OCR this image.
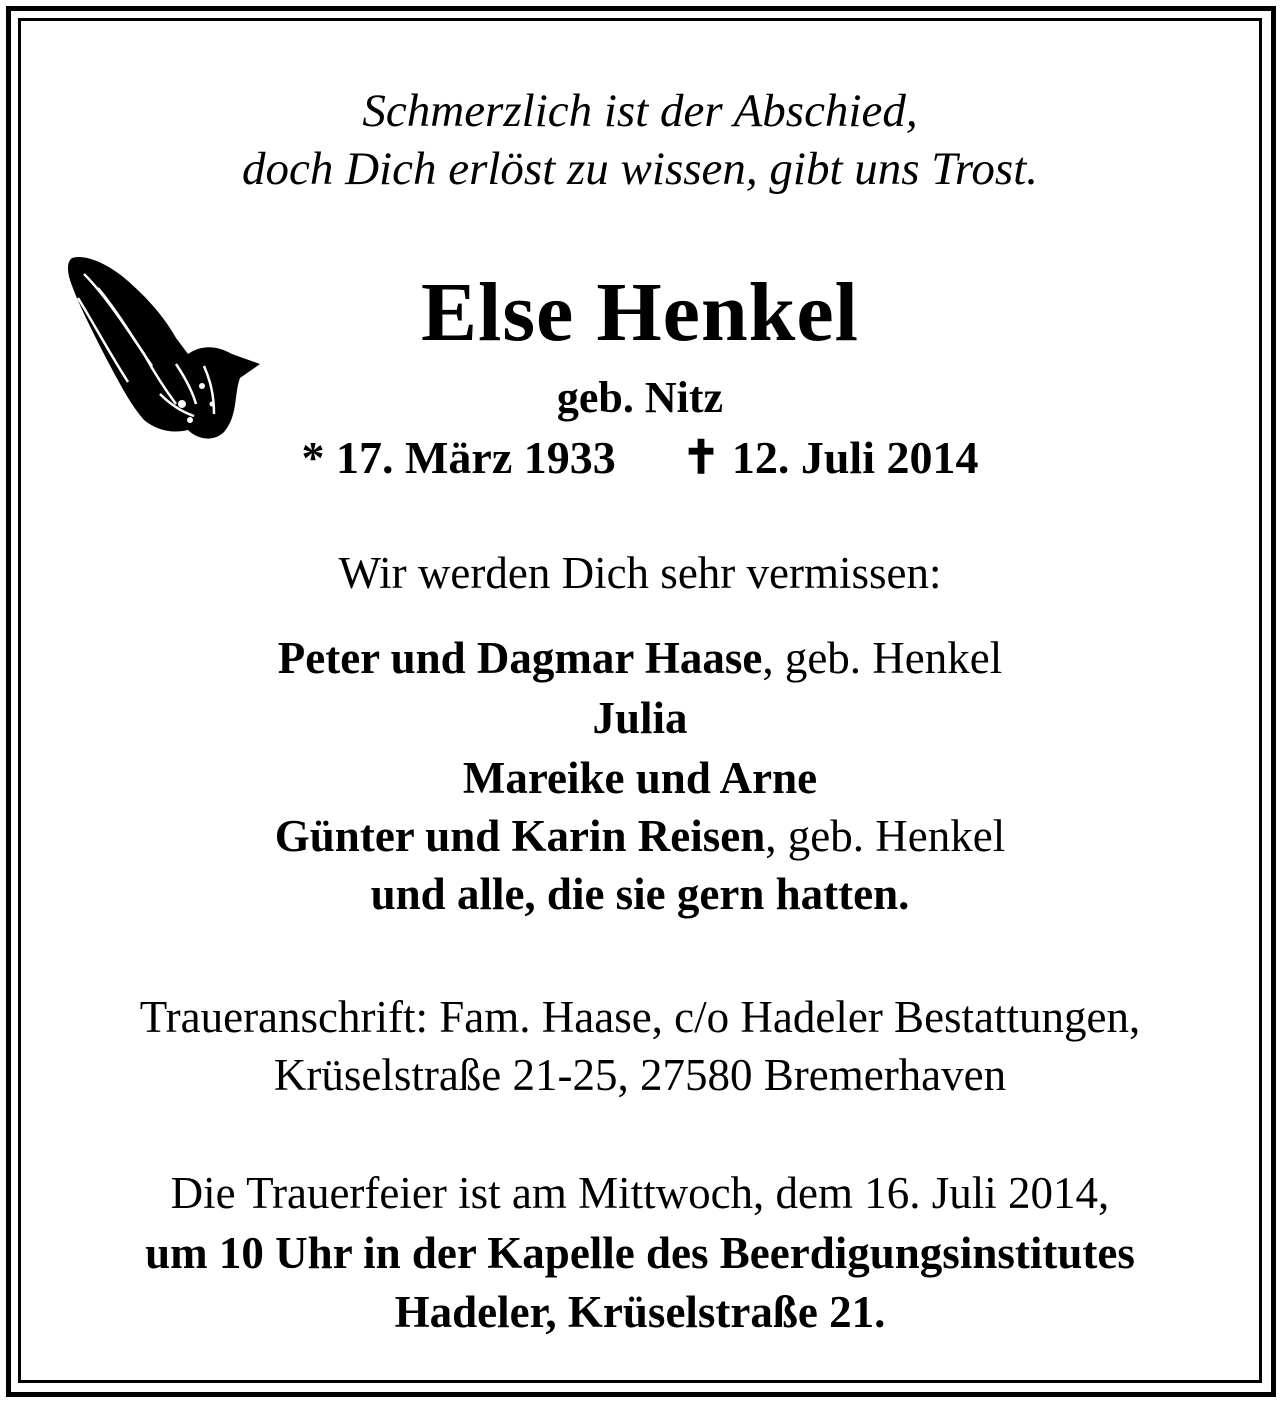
Schmerzlich ist der Abschied,
doch Dich erlöst zu wissen, gibt uns Trost.
Else Henkel
geb. Nitz
* 17. März 1933 ✝ 12. Juli 2014
Wir werden Dich sehr vermissen:
Peter und Dagmar Haase, geb. Henkel
Julia
Mareike und Arne
Günter und Karin Reisen, geb. Henkel
und alle, die sie gern hatten.
Traueranschrift: Fam. Haase, c/o Hadeler Bestattungen,
Krüselstraße 21-25, 27580 Bremerhaven
Die Trauerfeier ist am Mittwoch, dem 16. Juli 2014,
um 10 Uhr in der Kapelle des Beerdigungsinstitutes
Hadeler, Krüselstraße 21.
